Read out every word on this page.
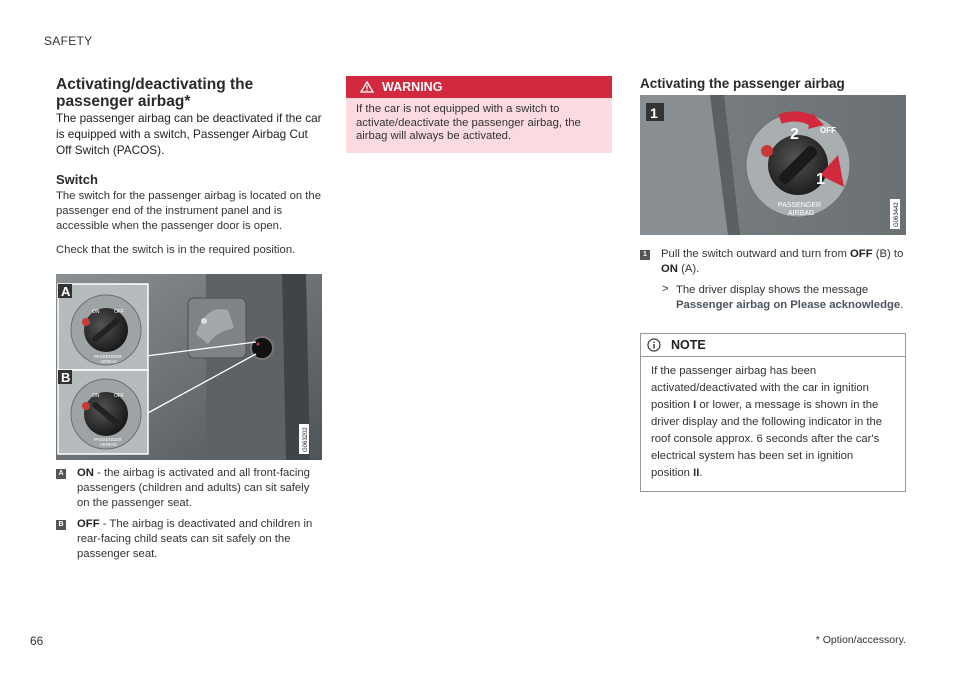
SAFETY
Activating/deactivating the passenger airbag*

The passenger airbag can be deactivated if the car is equipped with a switch, Passenger Airbag Cut Off Switch (PACOS).

Switch

The switch for the passenger airbag is located on the passenger end of the instrument panel and is accessible when the passenger door is open.

Check that the switch is in the required position.

G063202
A
B
ON	OFF
PASSENGER
AIRBAG
ON	OFF
PASSENGER
AIRBAG
A ON - the airbag is activated and all front-facing passengers (children and adults) can sit safely on the passenger seat.
B OFF - The airbag is deactivated and children in rear-facing child seats can sit safely on the passenger seat.
WARNING
If the car is not equipped with a switch to activate/deactivate the passenger airbag, the airbag will always be activated.
Activating the passenger airbag
1
2
1
OFF
PASSENGER
AIRBAG	G063442
1 Pull the switch outward and turn from OFF (B) to ON (A).
> The driver display shows the message Passenger airbag on Please acknowledge.
NOTE
If the passenger airbag has been activated/deactivated with the car in ignition position I or lower, a message is shown in the driver display and the following indicator in the roof console approx. 6 seconds after the car's electrical system has been set in ignition position II.
66	* Option/accessory.
